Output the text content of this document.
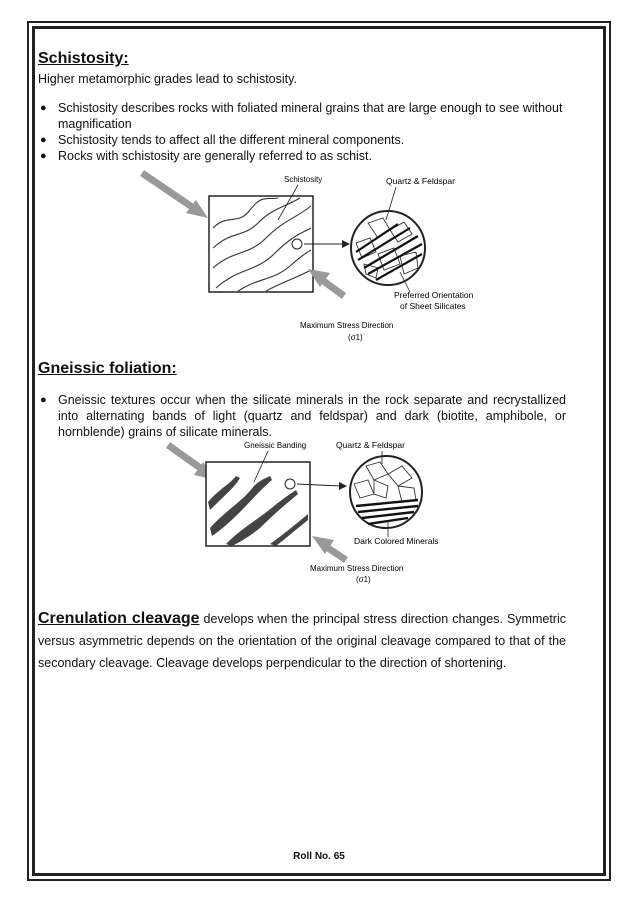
Schistosity:

Higher metamorphic grades lead to schistosity.

● Schistosity describes rocks with foliated mineral grains that are large enough to see without magnification
● Schistosity tends to affect all the different mineral components.
● Rocks with schistosity are generally referred to as schist.
Schistosity	Quartz & Feldspar
Preferred Orientation
of Sheet Silicates
Maximum Stress Direction
(σ1)

Gneissic foliation:

● Gneissic textures occur when the silicate minerals in the rock separate and recrystallized into alternating bands of light (quartz and feldspar) and dark (biotite, amphibole, or hornblende) grains of silicate minerals.
Gneissic Banding	Quartz & Feldspar
Dark Colored Minerals
Maximum Stress Direction
(σ1)

Crenulation cleavage develops when the principal stress direction changes. Symmetric versus asymmetric depends on the orientation of the original cleavage compared to that of the secondary cleavage. Cleavage develops perpendicular to the direction of shortening.

Roll No. 65
